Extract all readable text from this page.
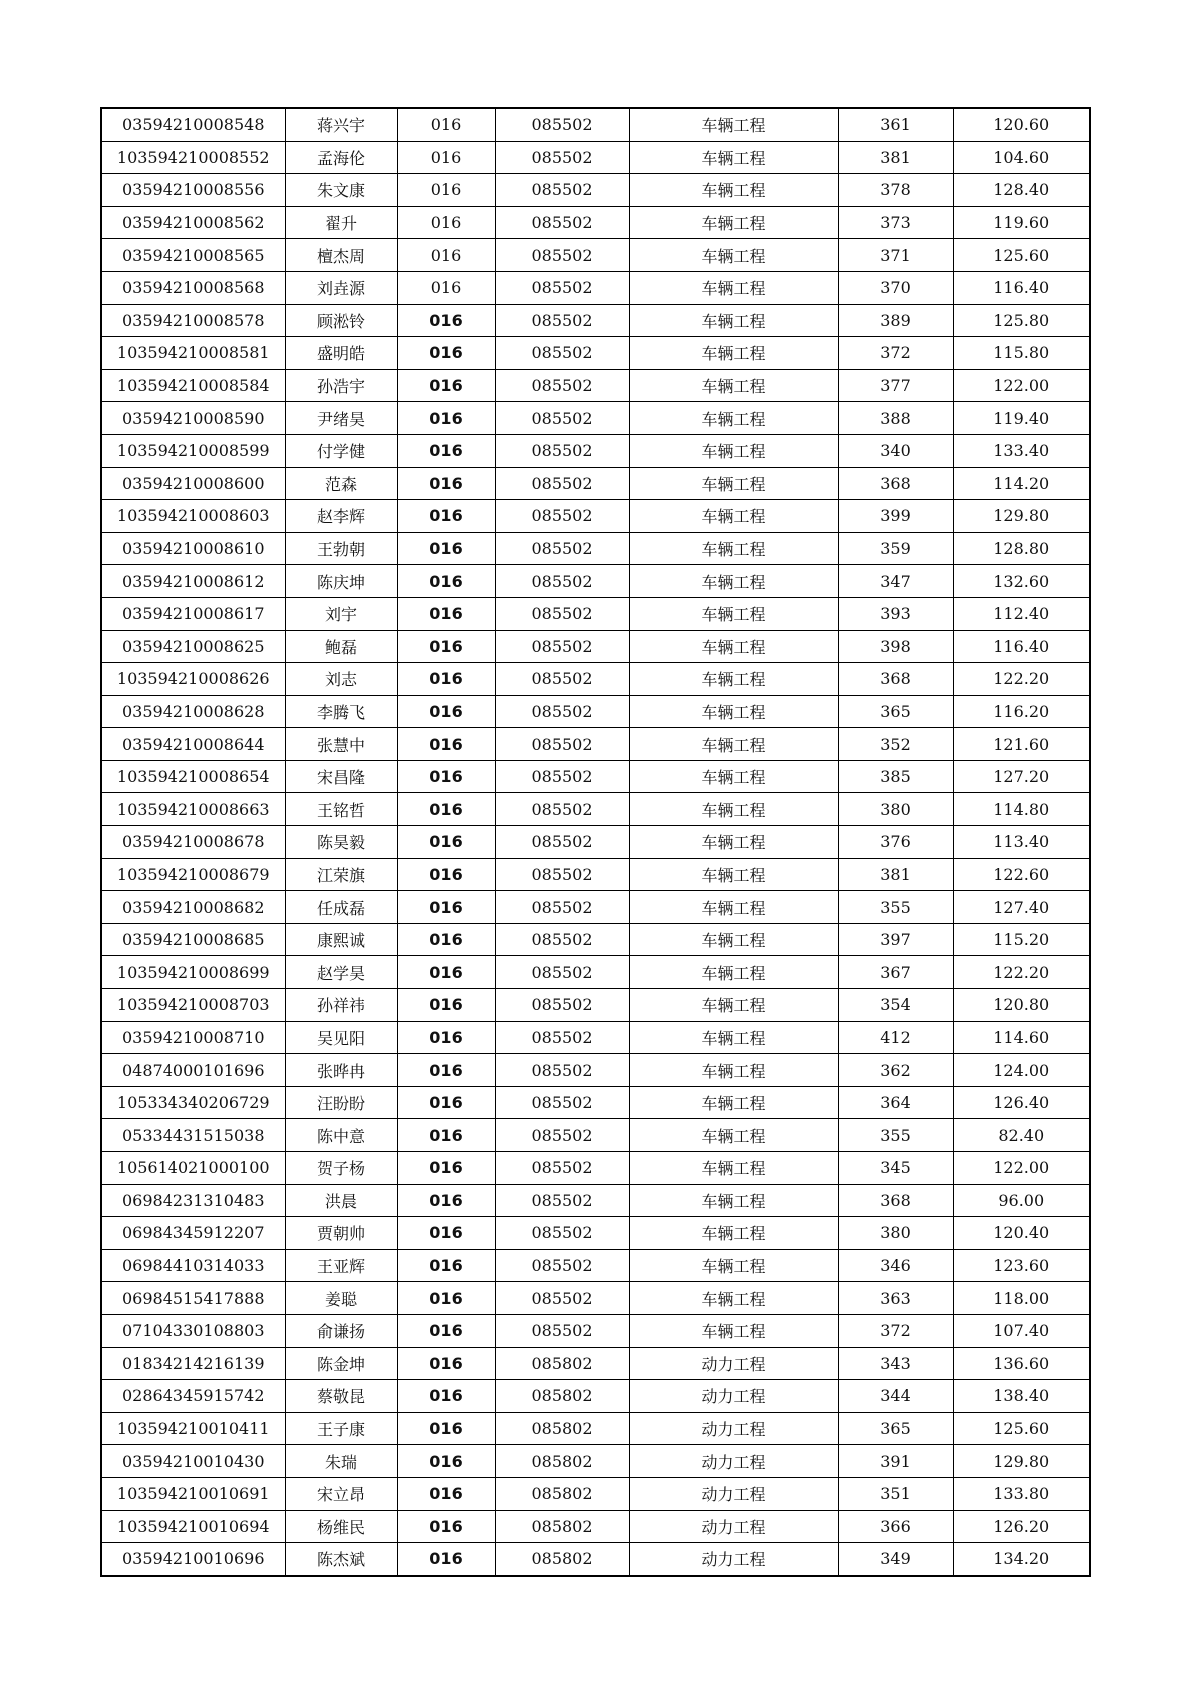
03594210008548	蒋兴宇	016	085502	车辆工程	361	120.60
103594210008552	孟海伦	016	085502	车辆工程	381	104.60
03594210008556	朱文康	016	085502	车辆工程	378	128.40
03594210008562	翟升	016	085502	车辆工程	373	119.60
03594210008565	檀杰周	016	085502	车辆工程	371	125.60
03594210008568	刘垚源	016	085502	车辆工程	370	116.40
03594210008578	顾淞铃	016	085502	车辆工程	389	125.80
103594210008581	盛明皓	016	085502	车辆工程	372	115.80
103594210008584	孙浩宇	016	085502	车辆工程	377	122.00
03594210008590	尹绪昊	016	085502	车辆工程	388	119.40
103594210008599	付学健	016	085502	车辆工程	340	133.40
03594210008600	范森	016	085502	车辆工程	368	114.20
103594210008603	赵李辉	016	085502	车辆工程	399	129.80
03594210008610	王勃朝	016	085502	车辆工程	359	128.80
03594210008612	陈庆坤	016	085502	车辆工程	347	132.60
03594210008617	刘宇	016	085502	车辆工程	393	112.40
03594210008625	鲍磊	016	085502	车辆工程	398	116.40
103594210008626	刘志	016	085502	车辆工程	368	122.20
03594210008628	李腾飞	016	085502	车辆工程	365	116.20
03594210008644	张慧中	016	085502	车辆工程	352	121.60
103594210008654	宋昌隆	016	085502	车辆工程	385	127.20
103594210008663	王铭哲	016	085502	车辆工程	380	114.80
03594210008678	陈昊毅	016	085502	车辆工程	376	113.40
103594210008679	江荣旗	016	085502	车辆工程	381	122.60
03594210008682	任成磊	016	085502	车辆工程	355	127.40
03594210008685	康熙诚	016	085502	车辆工程	397	115.20
103594210008699	赵学昊	016	085502	车辆工程	367	122.20
103594210008703	孙祥祎	016	085502	车辆工程	354	120.80
03594210008710	吴见阳	016	085502	车辆工程	412	114.60
04874000101696	张晔冉	016	085502	车辆工程	362	124.00
105334340206729	汪盼盼	016	085502	车辆工程	364	126.40
05334431515038	陈中意	016	085502	车辆工程	355	82.40
105614021000100	贺子杨	016	085502	车辆工程	345	122.00
06984231310483	洪晨	016	085502	车辆工程	368	96.00
06984345912207	贾朝帅	016	085502	车辆工程	380	120.40
06984410314033	王亚辉	016	085502	车辆工程	346	123.60
06984515417888	姜聪	016	085502	车辆工程	363	118.00
07104330108803	俞谦扬	016	085502	车辆工程	372	107.40
01834214216139	陈金坤	016	085802	动力工程	343	136.60
02864345915742	蔡敬昆	016	085802	动力工程	344	138.40
103594210010411	王子康	016	085802	动力工程	365	125.60
03594210010430	朱瑞	016	085802	动力工程	391	129.80
103594210010691	宋立昂	016	085802	动力工程	351	133.80
103594210010694	杨维民	016	085802	动力工程	366	126.20
03594210010696	陈杰斌	016	085802	动力工程	349	134.20
